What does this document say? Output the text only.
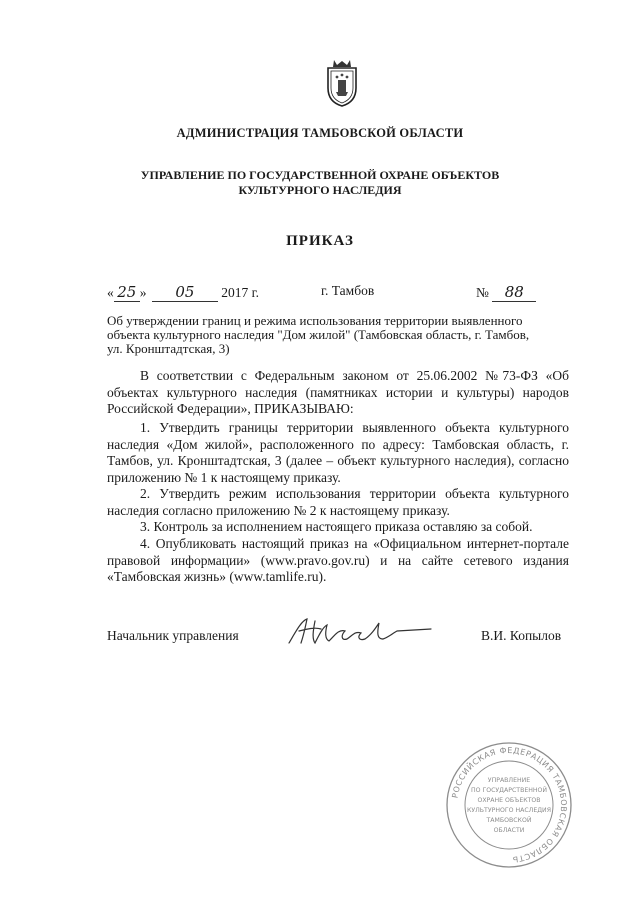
АДМИНИСТРАЦИЯ ТАМБОВСКОЙ ОБЛАСТИ
УПРАВЛЕНИЕ ПО ГОСУДАРСТВЕННОЙ ОХРАНЕ ОБЪЕКТОВ
КУЛЬТУРНОГО НАСЛЕДИЯ
ПРИКАЗ
« 25 » 05 2017 г.	г. Тамбов	№ 88
Об утверждении границ и режима использования территории выявленного
объекта культурного наследия "Дом жилой" (Тамбовская область, г. Тамбов,
ул. Кронштадтская, 3)
В соответствии с Федеральным законом от 25.06.2002 №73-ФЗ «Об объектах культурного наследия (памятниках истории и культуры) народов Российской Федерации», ПРИКАЗЫВАЮ:
1. Утвердить границы территории выявленного объекта культурного наследия «Дом жилой», расположенного по адресу: Тамбовская область, г. Тамбов, ул. Кронштадтская, 3 (далее – объект культурного наследия), согласно приложению № 1 к настоящему приказу.
2. Утвердить режим использования территории объекта культурного наследия согласно приложению № 2 к настоящему приказу.
3. Контроль за исполнением настоящего приказа оставляю за собой.
4. Опубликовать настоящий приказ на «Официальном интернет-портале правовой информации» (www.pravo.gov.ru) и на сайте сетевого издания «Тамбовская жизнь» (www.tamlife.ru).
Начальник управления	В.И. Копылов
РОССИЙСКАЯ ФЕДЕРАЦИЯ ТАМБОВСКАЯ ОБЛАСТЬ
УПРАВЛЕНИЕ
ПО ГОСУДАРСТВЕННОЙ
ОХРАНЕ ОБЪЕКТОВ
КУЛЬТУРНОГО НАСЛЕДИЯ
ТАМБОВСКОЙ
ОБЛАСТИ
